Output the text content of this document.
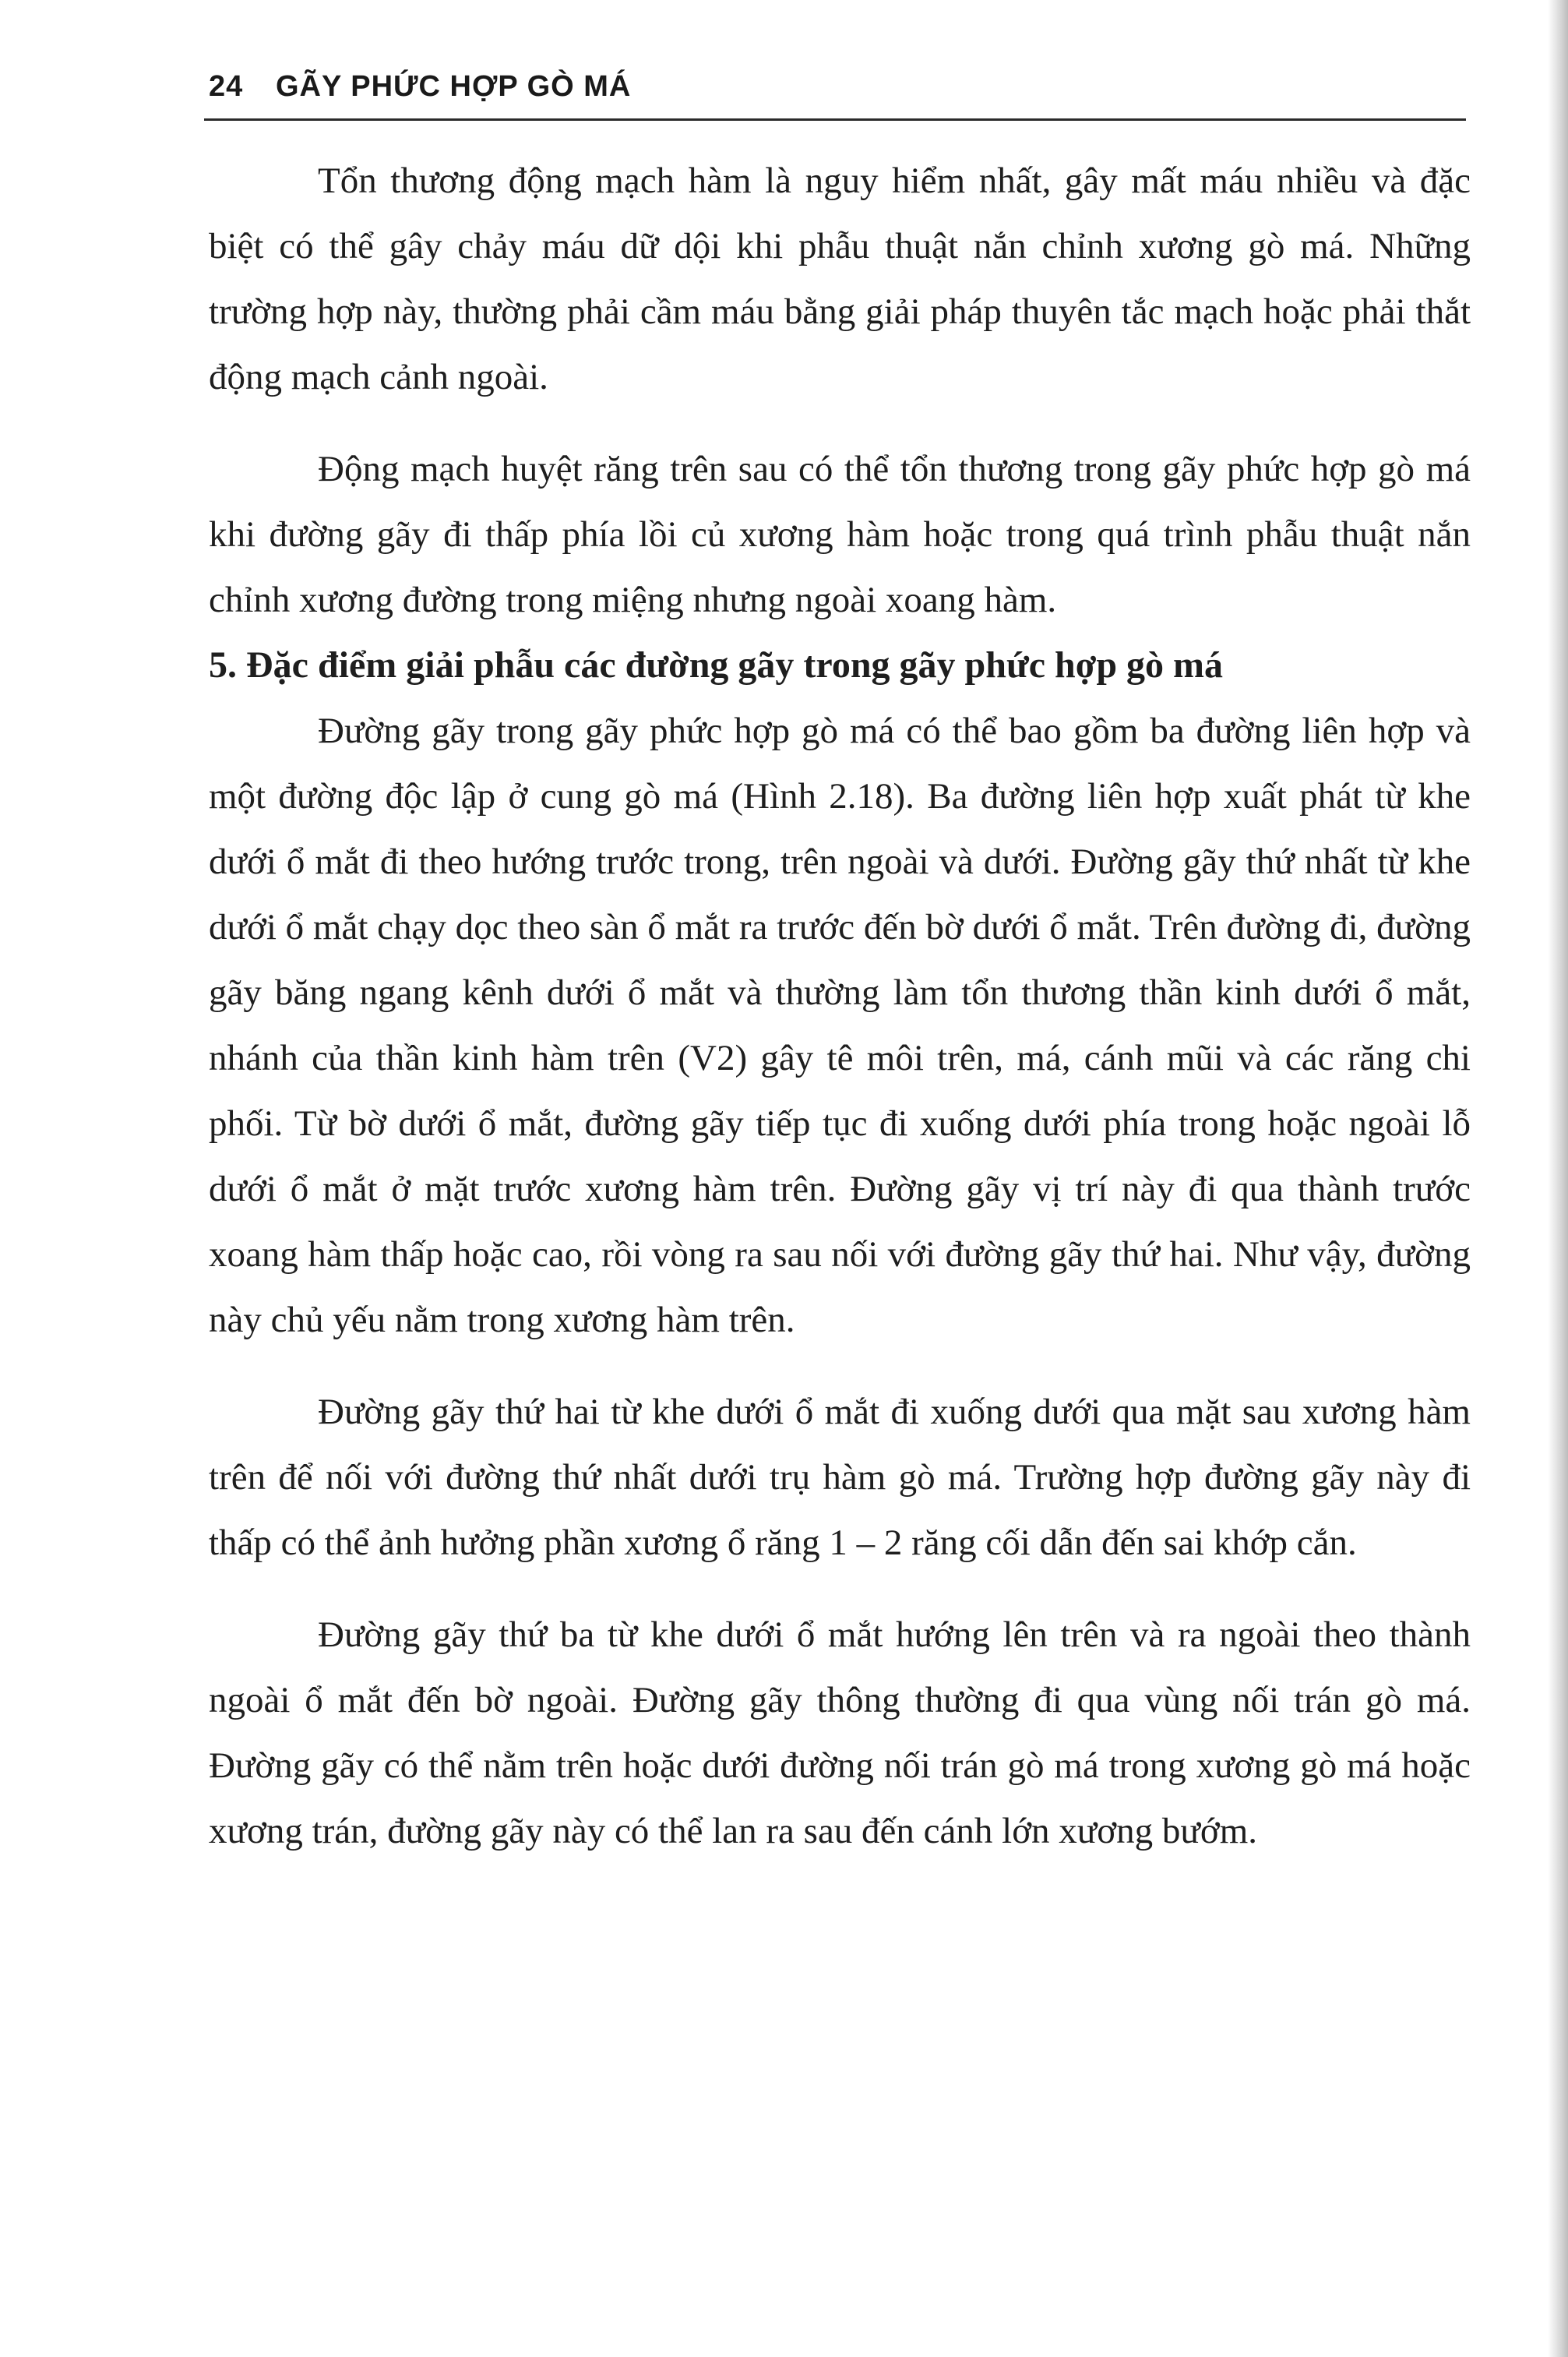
24 GÃY PHỨC HỢP GÒ MÁ

Tổn thương động mạch hàm là nguy hiểm nhất, gây mất máu nhiều và đặc biệt có thể gây chảy máu dữ dội khi phẫu thuật nắn chỉnh xương gò má. Những trường hợp này, thường phải cầm máu bằng giải pháp thuyên tắc mạch hoặc phải thắt động mạch cảnh ngoài.

Động mạch huyệt răng trên sau có thể tổn thương trong gãy phức hợp gò má khi đường gãy đi thấp phía lồi củ xương hàm hoặc trong quá trình phẫu thuật nắn chỉnh xương đường trong miệng nhưng ngoài xoang hàm.

5. Đặc điểm giải phẫu các đường gãy trong gãy phức hợp gò má

Đường gãy trong gãy phức hợp gò má có thể bao gồm ba đường liên hợp và một đường độc lập ở cung gò má (Hình 2.18). Ba đường liên hợp xuất phát từ khe dưới ổ mắt đi theo hướng trước trong, trên ngoài và dưới. Đường gãy thứ nhất từ khe dưới ổ mắt chạy dọc theo sàn ổ mắt ra trước đến bờ dưới ổ mắt. Trên đường đi, đường gãy băng ngang kênh dưới ổ mắt và thường làm tổn thương thần kinh dưới ổ mắt, nhánh của thần kinh hàm trên (V2) gây tê môi trên, má, cánh mũi và các răng chi phối. Từ bờ dưới ổ mắt, đường gãy tiếp tục đi xuống dưới phía trong hoặc ngoài lỗ dưới ổ mắt ở mặt trước xương hàm trên. Đường gãy vị trí này đi qua thành trước xoang hàm thấp hoặc cao, rồi vòng ra sau nối với đường gãy thứ hai. Như vậy, đường này chủ yếu nằm trong xương hàm trên.

Đường gãy thứ hai từ khe dưới ổ mắt đi xuống dưới qua mặt sau xương hàm trên để nối với đường thứ nhất dưới trụ hàm gò má. Trường hợp đường gãy này đi thấp có thể ảnh hưởng phần xương ổ răng 1 – 2 răng cối dẫn đến sai khớp cắn.

Đường gãy thứ ba từ khe dưới ổ mắt hướng lên trên và ra ngoài theo thành ngoài ổ mắt đến bờ ngoài. Đường gãy thông thường đi qua vùng nối trán gò má. Đường gãy có thể nằm trên hoặc dưới đường nối trán gò má trong xương gò má hoặc xương trán, đường gãy này có thể lan ra sau đến cánh lớn xương bướm.
